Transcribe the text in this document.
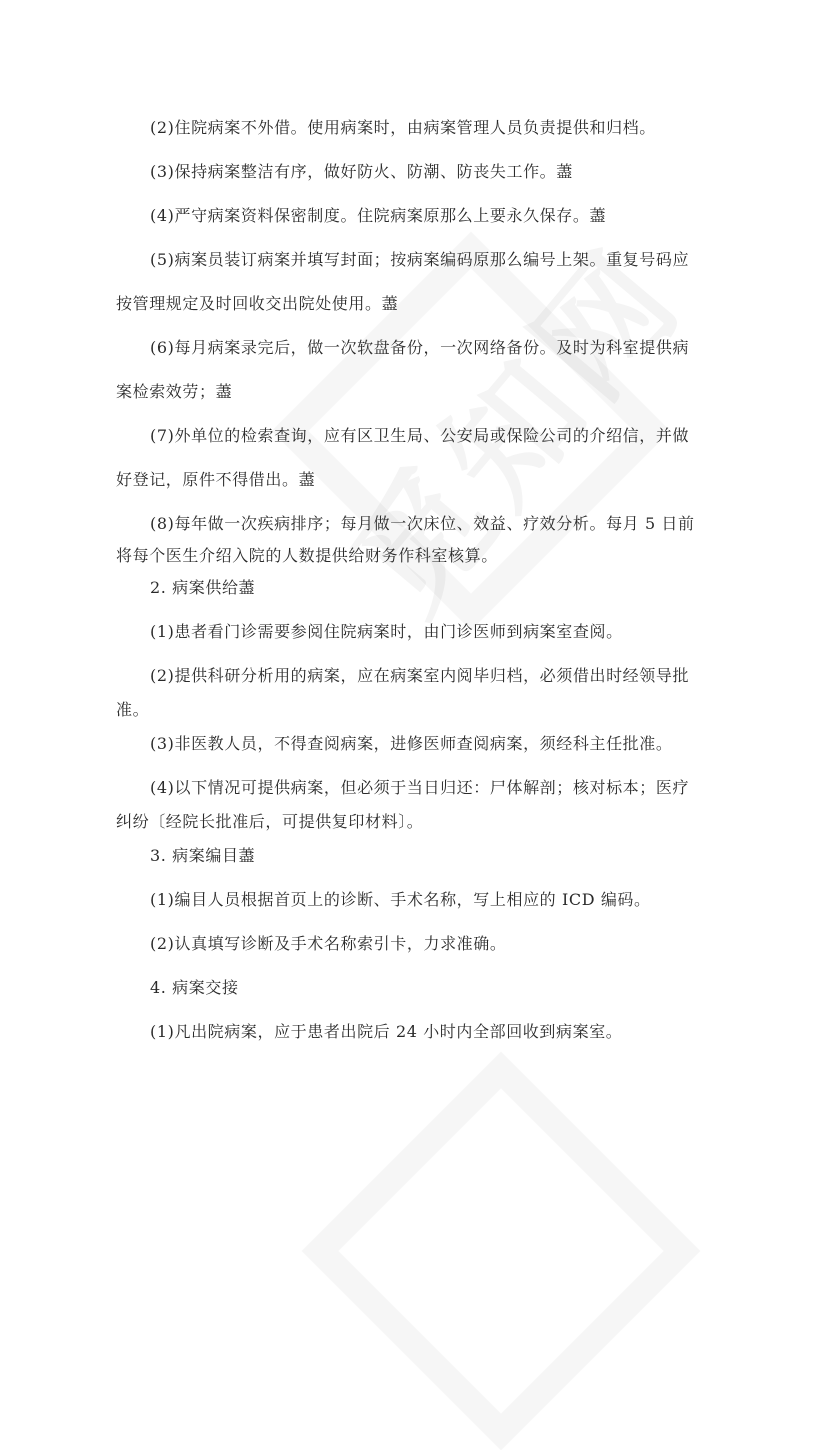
(2)住院病案不外借。使用病案时，由病案管理人员负责提供和归档。
(3)保持病案整洁有序，做好防火、防潮、防丧失工作。藎
(4)严守病案资料保密制度。住院病案原那么上要永久保存。藎
(5)病案员装订病案并填写封面；按病案编码原那么编号上架。重复号码应
按管理规定及时回收交出院处使用。藎
(6)每月病案录完后，做一次软盘备份，一次网络备份。及时为科室提供病
案检索效劳；藎
(7)外单位的检索查询，应有区卫生局、公安局或保险公司的介绍信，并做
好登记，原件不得借出。藎
(8)每年做一次疾病排序；每月做一次床位、效益、疗效分析。每月 5 日前
将每个医生介绍入院的人数提供给财务作科室核算。
2. 病案供给藎
(1)患者看门诊需要参阅住院病案时，由门诊医师到病案室查阅。
(2)提供科研分析用的病案，应在病案室内阅毕归档，必须借出时经领导批
准。
(3)非医教人员，不得查阅病案，进修医师查阅病案，须经科主任批准。
(4)以下情况可提供病案，但必须于当日归还：尸体解剖；核对标本；医疗
纠纷〔经院长批准后，可提供复印材料〕。
3. 病案编目藎
(1)编目人员根据首页上的诊断、手术名称，写上相应的 ICD 编码。
(2)认真填写诊断及手术名称索引卡，力求准确。
4. 病案交接
(1)凡出院病案，应于患者出院后 24 小时内全部回收到病案室。
